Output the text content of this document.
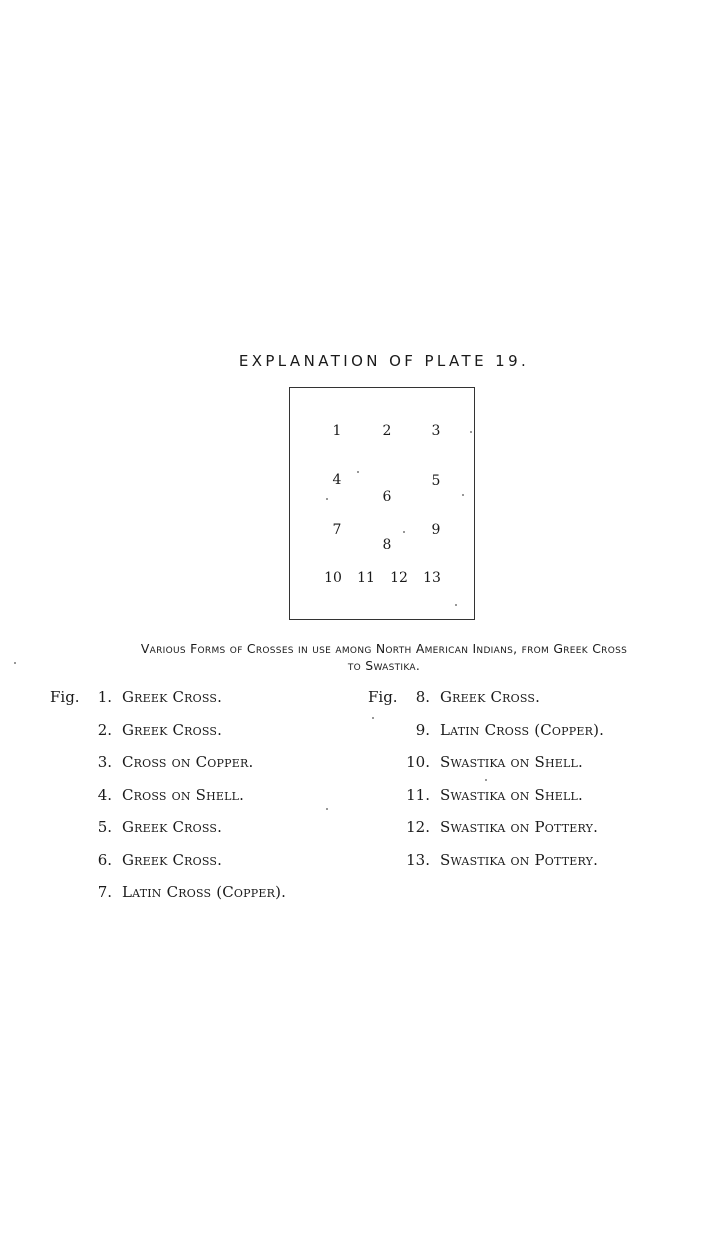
EXPLANATION OF PLATE 19.
1	2	3
4	5
6
7	9
8
10 11 12 13
Various Forms of Crosses in use among North American Indians, from Greek Cross
to Swastika.
Fig. 1. Greek Cross.
2. Greek Cross.
3. Cross on Copper.
4. Cross on Shell.
5. Greek Cross.
6. Greek Cross.
7. Latin Cross (Copper).
Fig. 8. Greek Cross.
9. Latin Cross (Copper).
10. Swastika on Shell.
11. Swastika on Shell.
12. Swastika on Pottery.
13. Swastika on Pottery.
